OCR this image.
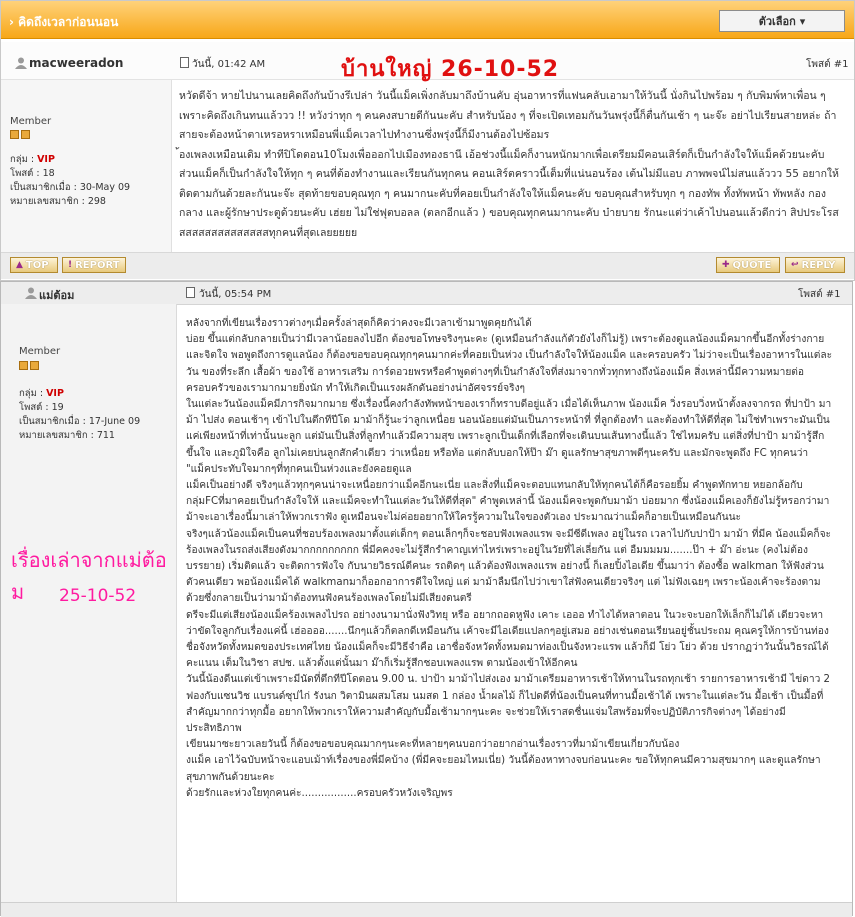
› คิดถึงเวลาก่อนนอน	ตัวเลือก ▾
macweeradon	วันนี้, 01:42 AM	โพสต์ #1
บ้านใหญ่ 26-10-52
Member
กลุ่ม : VIP
โพสต์ : 18
เป็นสมาชิกเมื่อ : 30-May 09
หมายเลขสมาชิก : 298

หวัดดีจ้า หายไปนานเลยคิดถึงกันบ้างรึเปล่า วันนี้แม็คเพิ่งกลับมาถึงบ้านคับ อุ่นอาหารที่แฟนคลับเอามาให้วันนี้ นั่งกินไปพร้อม ๆ กับพิมพ์หาเพื่อน ๆ เพราะคิดถึงเกินทนแล้ววว !! หวังว่าทุก ๆ คนคงสบายดีกันนะคับ สำหรับน้อง ๆ ที่จะเปิดเทอมกันวันพรุ่งนี้ก็ตื่นกันเช้า ๆ นะจ๊ะ อย่าไปเรียนสายหล่ะ ถ้าสายจะต้องหน้าตาเหรอหราเหมือนพี่แม็คเวลาไปทำงานซึ่งพรุ่งนี้ก็มีงานต้องไปซ้อมร

้องเพลงเหมือนเดิม ทำทีปิโดตอน10โมงเพื่อออกไปเมืองทองธานี เอ้อช่วงนี้แม็คก็งานหนักมากเพื่อเตรียมมีคอนเสิร์ตก็เป็นกำลังใจให้แม็คด้วยนะคับ ส่วนแม็คก็เป็นกำลังใจให้ทุก ๆ คนที่ต้องทำงานและเรียนกันทุกคน คอนเสิร์ตคราวนี้เต็มที่แน่นอนร้อง เต้นไม่มีแอบ ภาพพจน์ไม่สนแล้ววว 55 อยากให้ติดตามกันด้วยละกันนะจ๊ะ สุดท้ายขอบคุณทุก ๆ คนมากนะคับที่คอยเป็นกำลังใจให้แม็คนะคับ ขอบคุณสำหรับทุก ๆ กองทัพ ทั้งทัพหน้า ทัพหลัง กองกลาง และผู้รักษาประตูด้วยนะคับ เฮ่ยย ไม่ใช่ฟุตบอลล (ตลกอีกแล้ว ) ขอบคุณทุกคนมากนะคับ บ๋ายบาย รักนะแต่ว่าเค้าไปนอนแล้วดีกว่า สิปประโรสสสสสสสสสสสสสสสทุกคนที่สุดเลยยยยย

▲ TOP ! REPORT	✚ QUOTE ↩ REPLY
แม่ต้อม	วันนี้, 05:54 PM	โพสต์ #1
Member
กลุ่ม : VIP
โพสต์ : 19
เป็นสมาชิกเมื่อ : 17-June 09
หมายเลขสมาชิก : 711
เรื่องเล่าจากแม่ต้อม	25-10-52

หลังจากที่เขียนเรื่องราวต่างๆเมื่อครั้งล่าสุดก็คิดว่าคงจะมีเวลาเข้ามาพูดคุยกันได้

บ่อย ขึ้นแต่กลับกลายเป็นว่ามีเวลาน้อยลงไปอีก ต้องขอโทษจริงๆนะคะ (ดูเหมือนกำลังแก้ตัวยังไงก็ไม่รู้) เพราะต้องดูแลน้องแม็คมากขึ้นอีกทั้งร่างกายและจิตใจ พอพูดถึงการดูแลน้อง ก็ต้องขอขอบคุณทุกๆคนมากค่ะที่คอยเป็นห่วง เป็นกำลังใจให้น้องแม็ค และครอบครัว ไม่ว่าจะเป็นเรื่องอาหารในแต่ละวัน ของที่ระลึก เสื้อผ้า ของใช้ อาหารเสริม การ์ดอวยพรหรือคำพูดต่างๆที่เป็นกำลังใจที่ส่งมาจากทั่วทุกทางถึงน้องแม็ค สิ่งเหล่านี้มีความหมายต่อครอบครัวของเรามากมายยิ่งนัก ทำให้เกิดเป็นแรงผลักดันอย่างน่าอัศจรรย์จริงๆ

ในแต่ละวันน้องแม็คมีภารกิจมากมาย ซึ่งเรื่องนี้คงกำลังทัพหน้าของเราก็ทราบดีอยู่แล้ว เมื่อได้เห็นภาพ น้องแม็ค วิ่งรอบวิ่งหน้าตั้งลงจากรถ ที่ปาป้า มาม้า ไปส่ง ตอนเช้าๆ เข้าไปในตึกทีปีโด มาม้าก็รู้นะว่าลูกเหนื่อย นอนน้อยแต่มันเป็นภาระหน้าที่ ที่ลูกต้องทำ และต้องทำให้ดีที่สุด ไม่ใช่ทำเพราะมันเป็นแค่เพียงหน้าที่เท่านั้นนะลูก แต่มันเป็นสิ่งที่ลูกทำแล้วมีความสุข เพราะลูกเป็นเด็กที่เลือกที่จะเดินบนเส้นทางนี้แล้ว ใช่ไหมครับ แต่สิ่งที่ปาป้า มาม้ารู้สึกขึ้นใจ และภูมิใจคือ ลูกไม่เคยบ่นลูกสักคำเดียว ว่าเหนื่อย หรือท้อ แต่กลับบอกให้ป๊า ม๊า ดูแลรักษาสุขภาพดีๆนะครับ และมักจะพูดถึง FC ทุกคนว่า "แม็คประทับใจมากๆที่ทุกคนเป็นห่วงและยังคอยดูแล

แม็คเป็นอย่างดี จริงๆแล้วทุกๆคนน่าจะเหนื่อยกว่าแม็คอีกนะเนี่ย และสิ่งที่แม็คจะตอบแทนกลับให้ทุกคนได้ก็คือรอยยิ้ม คำพูดทักทาย หยอกล้อกับกลุ่มFCที่มาคอยเป็นกำลังใจให้ และแม็คจะทำในแต่ละวันให้ดีที่สุด" คำพูดเหล่านี้ น้องแม็คจะพูดกับมาม้า บ่อยมาก ซึ่งน้องแม็คเองก็ยังไม่รู้หรอกว่ามาม้าจะเอาเรื่องนี้มาเล่าให้พวกเราฟัง ดูเหมือนจะไม่ค่อยอยากให้ใครรู้ความในใจของตัวเอง ประมาณว่าแม็คก็อายเป็นเหมือนกันนะ

จริงๆแล้วน้องแม็คเป็นคนที่ชอบร้องเพลงมาตั้งแต่เด็กๆ ตอนเล็กๆก็จะชอบฟังเพลงแรพ จะมีซีดีเพลง อยู่ในรถ เวลาไปกับปาป้า มาม้า ที่มีค น้องแม็คก็จะร้องเพลงในรถส่งเสียงดังมากกกกกกกกก พี่มีคคงจะไม่รู้สึกรำคาญเท่าไหร่เพราะอยู่ในวัยที่ไล่เลี่ยกัน แต่ อืมมมมม.......ป๊า + ม๊า อ่ะนะ (คงไม่ต้องบรรยาย) เริ่มติดแล้ว จะติดการฟังใจ กับนายวิธรณ์ดีคนะ รถติดๆ แล้วต้องฟังเพลงแรพ อย่างนี้ ก็เลยปิ้งไอเดีย ขึ้นมาว่า ต้องซื้อ walkman ให้ฟังส่วนตัวคนเดียว พอน้องแม็คได้ walkmanมาก็ออกอาการดีใจใหญ่ แต่ มาม้าลืมนึกไปว่าเขาใส่ฟังคนเดียวจริงๆ แต่ ไม่ฟังเฉยๆ เพราะน้องเค้าจะร้องตามด้วยซึ่งกลายเป็นว่ามาม้าต้องทนฟังคนร้องเพลงโดยไม่มีเสียงดนตรี

ดรีจะมีแต่เสียงน้องแม็คร้องเพลงไปรถ อย่างงนามานั่งฟังวิทยุ หรือ อยากถอดหูฟัง เคาะ เอออ ทำไงได้หลาตอน ในวะจะบอกให้เล็กก็ไม่ได้ เดียวจะหาว่าขัดใจลูกกับเรื่องแค่นี้ เฮ่ออออ.......นึกๆแล้วก็ตลกดีเหมือนกัน เค้าจะมีไอเดียแปลกๆอยู่เสมอ อย่างเช่นตอนเรียนอยู่ชั้นประถม คุณครูให้การบ้านท่องชื่อจังหวัดทั้งหมดของประเทศไทย น้องแม็คก็จะมีวิธีจำคือ เอาชื่อจังหวัดทั้งหมดมาท่องเป็นจังหวะแรพ แล้วก็มี โย่ว โย่ว ด้วย ปรากฏว่าวันนั้นวิธรณ์ได้คะแนน เต็มในวิชา สปช. แล้วตั้งแต่นั้นมา ม๊าก็เริ่มรู้สึกชอบเพลงแรพ ตามน้องเข้าให้อีกคน

วันนี้น้องดีนแต่เข้าเพราะมีนัดที่ตึกทีปีโดตอน 9.00 น. ปาป้า มาม้าไปส่งเอง มาม้าเตรียมอาหารเช้าให้ทานในรถทุกเช้า รายการอาหารเช้ามี ไข่ดาว 2 ฟองกับแซนวิช แบรนด์ซุปไก่ รังนก วิตามินผสมโสม นมสด 1 กล่อง น้ำผลไม้ ก็ไปดดีที่น้องเป็นคนที่ทานมื้อเช้าได้ เพราะในแต่ละวัน มื้อเช้า เป็นมื้อที่สำคัญมากกว่าทุกมื้อ อยากให้พวกเราให้ความสำคัญกับมื้อเช้ามากๆนะคะ จะช่วยให้เราสดชื่นแจ่มใสพร้อมที่จะปฏิบัติภารกิจต่างๆ ได้อย่างมีประสิทธิภาพ

เขียนมาซะยาวเลยวันนี้ ก็ต้องขอขอบคุณมากๆนะคะที่หลายๆคนบอกว่าอยากอ่านเรื่องราวที่มาม้าเขียนเกี่ยวกับน้อง

งแม็ค เอาไว้ฉบับหน้าจะแอบเม้าท์เรื่องของพี่มีคบ้าง (พี่มีคจะยอมไหมเนี่ย) วันนี้ต้องหาทางจบก่อนนะคะ ขอให้ทุกคนมีความสุขมากๆ และดูแลรักษาสุขภาพกันด้วยนะคะ

ด้วยรักและห่วงใยทุกคนค่ะ.................ครอบครัวหวังเจริญพร
